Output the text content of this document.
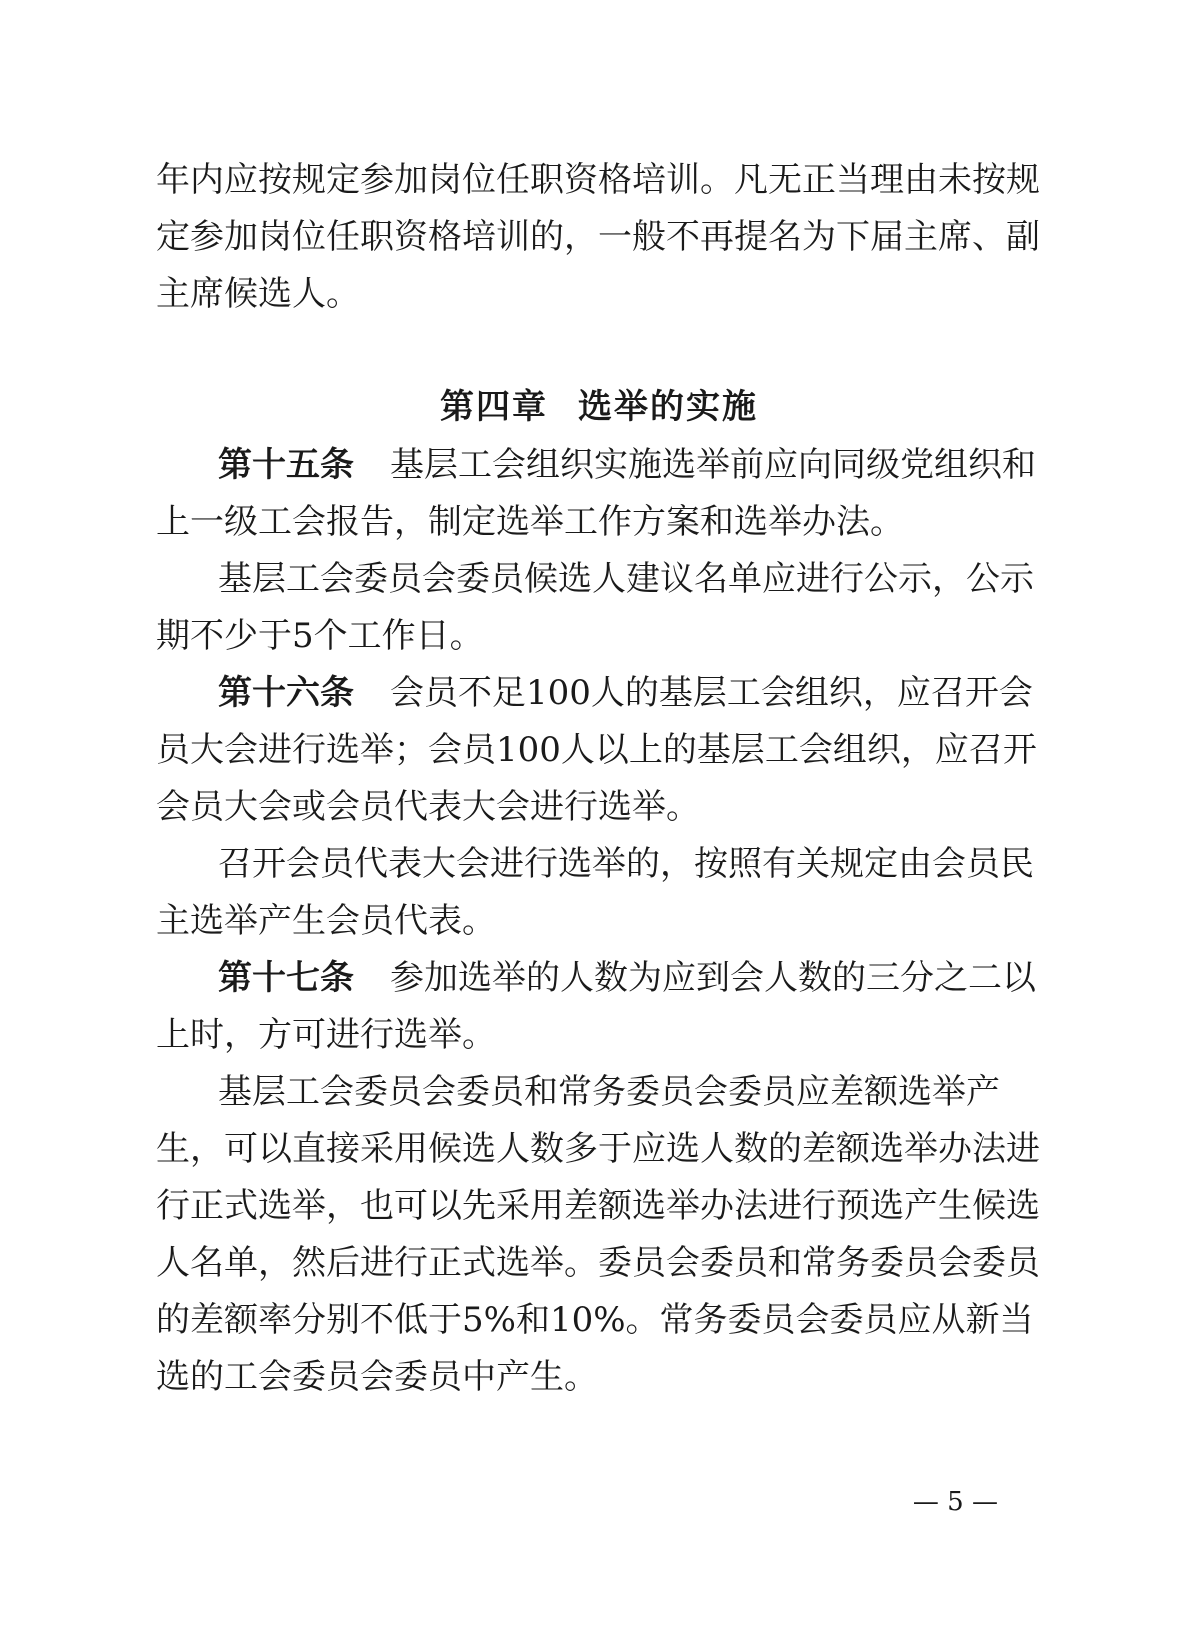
年内应按规定参加岗位任职资格培训。凡无正当理由未按规

定参加岗位任职资格培训的，一般不再提名为下届主席、副

主席候选人。

第四章 选举的实施

第十五条 基层工会组织实施选举前应向同级党组织和

上一级工会报告，制定选举工作方案和选举办法。

基层工会委员会委员候选人建议名单应进行公示，公示

期不少于5个工作日。

第十六条 会员不足100人的基层工会组织，应召开会

员大会进行选举；会员100人以上的基层工会组织，应召开

会员大会或会员代表大会进行选举。

召开会员代表大会进行选举的，按照有关规定由会员民

主选举产生会员代表。

第十七条 参加选举的人数为应到会人数的三分之二以

上时，方可进行选举。

基层工会委员会委员和常务委员会委员应差额选举产

生，可以直接采用候选人数多于应选人数的差额选举办法进

行正式选举，也可以先采用差额选举办法进行预选产生候选

人名单，然后进行正式选举。委员会委员和常务委员会委员

的差额率分别不低于5%和10%。常务委员会委员应从新当

选的工会委员会委员中产生。

— 5 —
